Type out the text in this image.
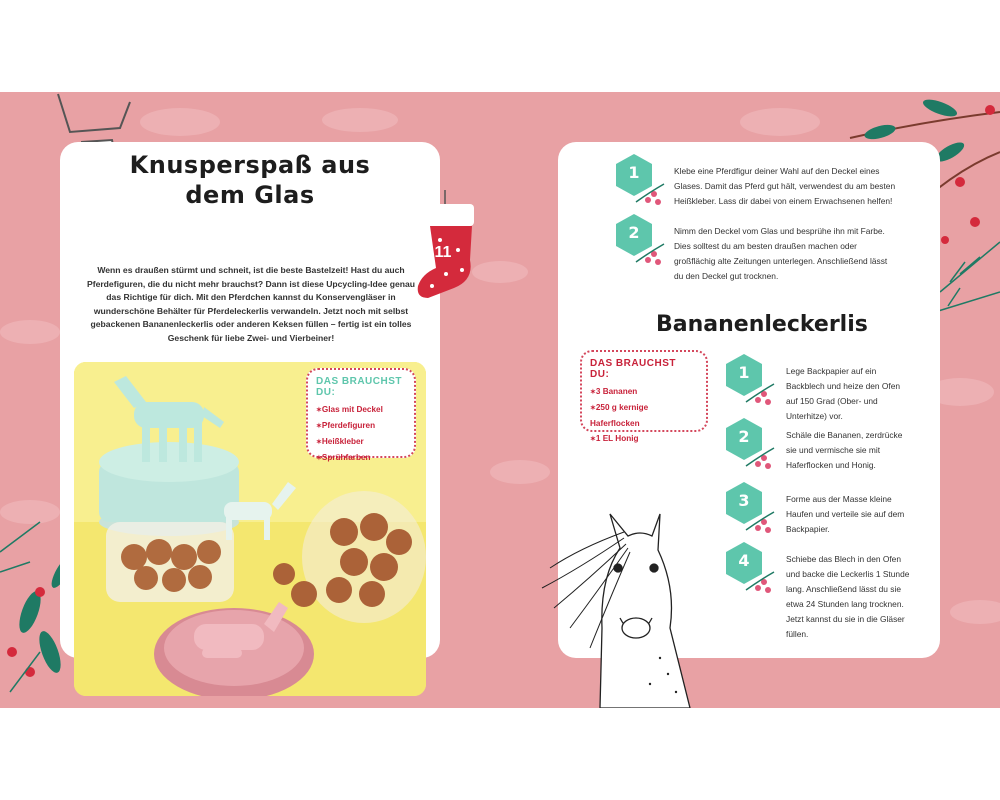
Knusperspaß aus
dem Glas
Wenn es draußen stürmt und schneit, ist die beste Bastelzeit! Hast du auch Pferdefiguren, die du nicht mehr brauchst? Dann ist diese Upcycling-Idee genau das Richtige für dich. Mit den Pferdchen kannst du Konservengläser in wunderschöne Behälter für Pferdeleckerlis verwandeln. Jetzt noch mit selbst gebackenen Bananenleckerlis oder anderen Keksen füllen – fertig ist ein tolles Geschenk für liebe Zwei- und Vierbeiner!
DAS BRAUCHST DU:
✶ Glas mit Deckel
✶ Pferdefiguren
✶ Heißkleber
✶ Sprühfarben
11
1	Klebe eine Pferdfigur deiner Wahl auf den Deckel eines Glases. Damit das Pferd gut hält, verwendest du am besten Heißkleber. Lass dir dabei von einem Erwachsenen helfen!
2	Nimm den Deckel vom Glas und besprühe ihn mit Farbe. Dies solltest du am besten draußen machen oder großflächig alte Zeitungen unterlegen. Anschließend lässt du den Deckel gut trocknen.
Bananenleckerlis
DAS BRAUCHST DU:
✶ 3 Bananen
✶ 250 g kernige Haferflocken
✶ 1 EL Honig
1	Lege Backpapier auf ein Backblech und heize den Ofen auf 150 Grad (Ober- und Unterhitze) vor.
2	Schäle die Bananen, zerdrücke sie und vermische sie mit Haferflocken und Honig.
3	Forme aus der Masse kleine Haufen und verteile sie auf dem Backpapier.
4	Schiebe das Blech in den Ofen und backe die Leckerlis 1 Stunde lang. Anschließend lässt du sie etwa 24 Stunden lang trocknen. Jetzt kannst du sie in die Gläser füllen.
